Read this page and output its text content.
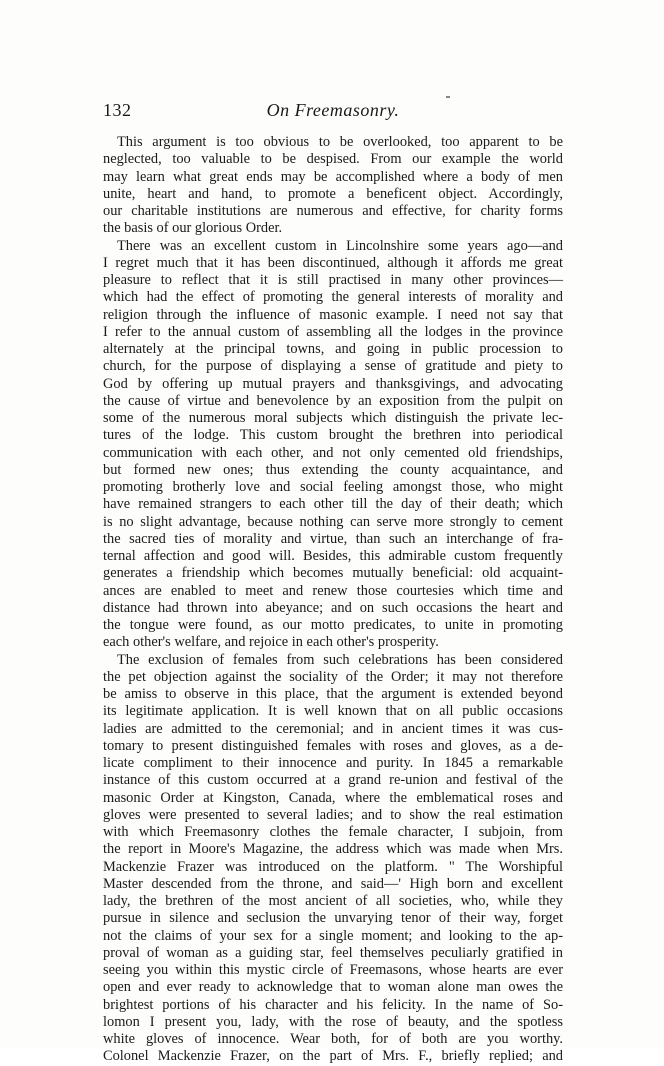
132	On Freemasonry.
This argument is too obvious to be overlooked, too apparent to be
neglected, too valuable to be despised. From our example the world
may learn what great ends may be accomplished where a body of men
unite, heart and hand, to promote a beneficent object. Accordingly,
our charitable institutions are numerous and effective, for charity forms
the basis of our glorious Order.
There was an excellent custom in Lincolnshire some years ago—and
I regret much that it has been discontinued, although it affords me great
pleasure to reflect that it is still practised in many other provinces—
which had the effect of promoting the general interests of morality and
religion through the influence of masonic example. I need not say that
I refer to the annual custom of assembling all the lodges in the province
alternately at the principal towns, and going in public procession to
church, for the purpose of displaying a sense of gratitude and piety to
God by offering up mutual prayers and thanksgivings, and advocating
the cause of virtue and benevolence by an exposition from the pulpit on
some of the numerous moral subjects which distinguish the private lec-
tures of the lodge. This custom brought the brethren into periodical
communication with each other, and not only cemented old friendships,
but formed new ones; thus extending the county acquaintance, and
promoting brotherly love and social feeling amongst those, who might
have remained strangers to each other till the day of their death; which
is no slight advantage, because nothing can serve more strongly to cement
the sacred ties of morality and virtue, than such an interchange of fra-
ternal affection and good will. Besides, this admirable custom frequently
generates a friendship which becomes mutually beneficial: old acquaint-
ances are enabled to meet and renew those courtesies which time and
distance had thrown into abeyance; and on such occasions the heart and
the tongue were found, as our motto predicates, to unite in promoting
each other's welfare, and rejoice in each other's prosperity.
The exclusion of females from such celebrations has been considered
the pet objection against the sociality of the Order; it may not therefore
be amiss to observe in this place, that the argument is extended beyond
its legitimate application. It is well known that on all public occasions
ladies are admitted to the ceremonial; and in ancient times it was cus-
tomary to present distinguished females with roses and gloves, as a de-
licate compliment to their innocence and purity. In 1845 a remarkable
instance of this custom occurred at a grand re-union and festival of the
masonic Order at Kingston, Canada, where the emblematical roses and
gloves were presented to several ladies; and to show the real estimation
with which Freemasonry clothes the female character, I subjoin, from
the report in Moore's Magazine, the address which was made when Mrs.
Mackenzie Frazer was introduced on the platform. " The Worshipful
Master descended from the throne, and said—' High born and excellent
lady, the brethren of the most ancient of all societies, who, while they
pursue in silence and seclusion the unvarying tenor of their way, forget
not the claims of your sex for a single moment; and looking to the ap-
proval of woman as a guiding star, feel themselves peculiarly gratified in
seeing you within this mystic circle of Freemasons, whose hearts are ever
open and ever ready to acknowledge that to woman alone man owes the
brightest portions of his character and his felicity. In the name of So-
lomon I present you, lady, with the rose of beauty, and the spotless
white gloves of innocence. Wear both, for of both are you worthy.
Colonel Mackenzie Frazer, on the part of Mrs. F., briefly replied; and
